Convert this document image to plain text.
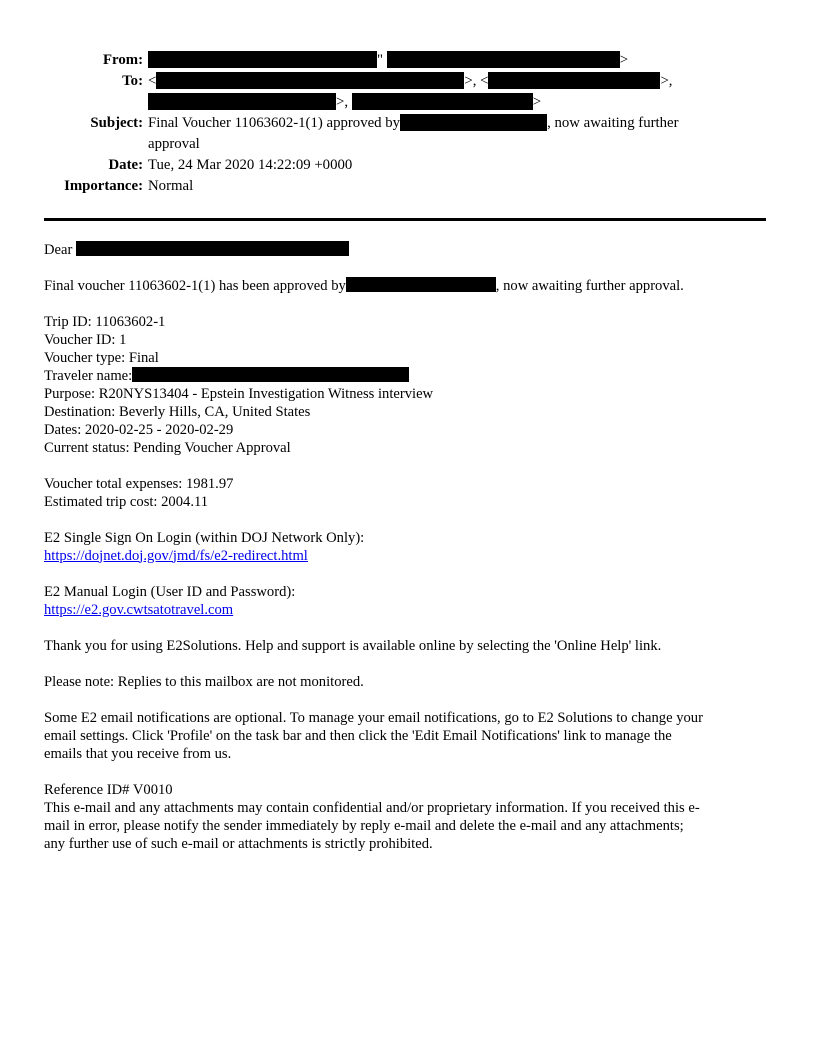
From:	"	>
To: <	>, <	>,
>,	>
Subject: Final Voucher 11063602-1(1) approved by	, now awaiting further
approval
Date: Tue, 24 Mar 2020 14:22:09 +0000
Importance: Normal

Dear

Final voucher 11063602-1(1) has been approved by	, now awaiting further approval.

Trip ID: 11063602-1
Voucher ID: 1
Voucher type: Final
Traveler name:
Purpose: R20NYS13404 - Epstein Investigation Witness interview
Destination: Beverly Hills, CA, United States
Dates: 2020-02-25 - 2020-02-29
Current status: Pending Voucher Approval

Voucher total expenses: 1981.97
Estimated trip cost: 2004.11

E2 Single Sign On Login (within DOJ Network Only):
https://dojnet.doj.gov/jmd/fs/e2-redirect.html

E2 Manual Login (User ID and Password):
https://e2.gov.cwtsatotravel.com

Thank you for using E2Solutions. Help and support is available online by selecting the 'Online Help' link.

Please note: Replies to this mailbox are not monitored.

Some E2 email notifications are optional. To manage your email notifications, go to E2 Solutions to change your
email settings. Click 'Profile' on the task bar and then click the 'Edit Email Notifications' link to manage the
emails that you receive from us.

Reference ID# V0010
This e-mail and any attachments may contain confidential and/or proprietary information. If you received this e-
mail in error, please notify the sender immediately by reply e-mail and delete the e-mail and any attachments;
any further use of such e-mail or attachments is strictly prohibited.
